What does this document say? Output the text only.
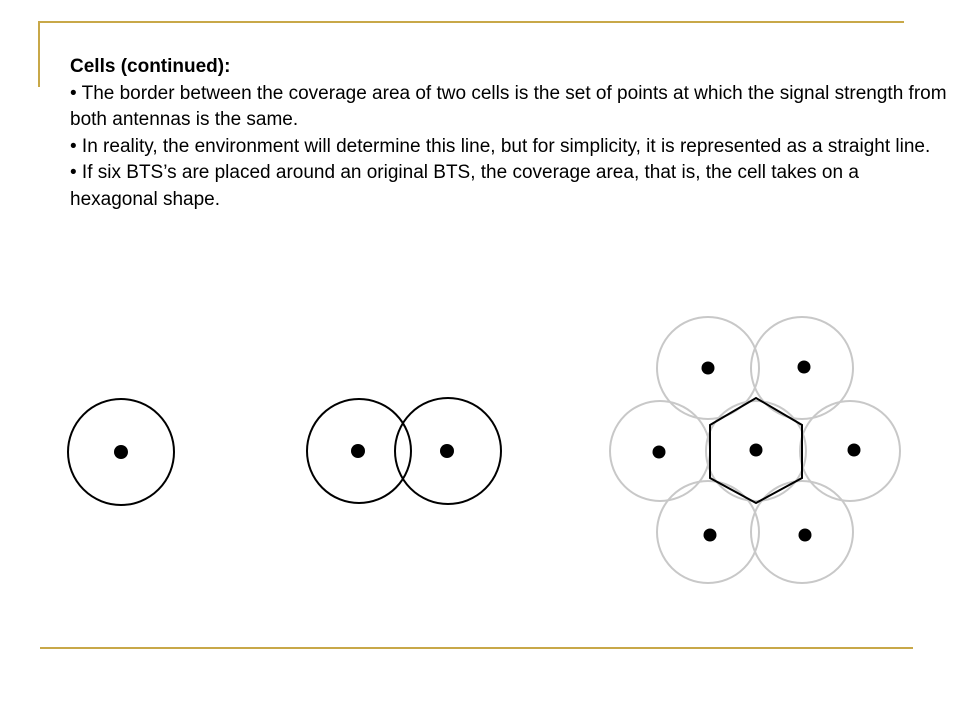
Cells (continued):

• The border between the coverage area of two cells is the set of points at which the signal strength from both antennas is the same.

• In reality, the environment will determine this line, but for simplicity, it is represented as a straight line.

• If six BTS’s are placed around an original BTS, the coverage area, that is, the cell takes on a hexagonal shape.
